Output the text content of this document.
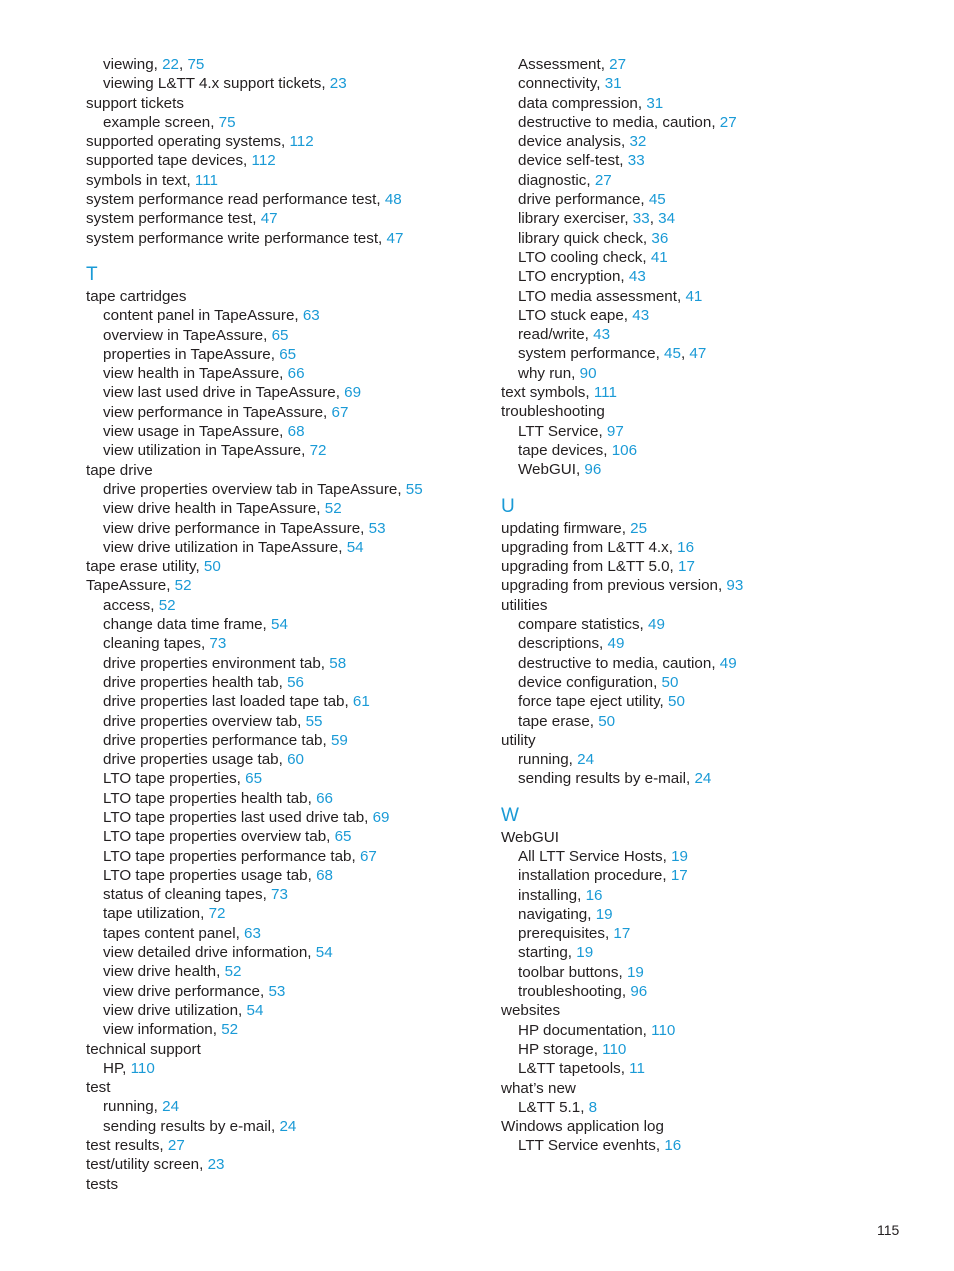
viewing, 22, 75
viewing L&TT 4.x support tickets, 23
support tickets
example screen, 75
supported operating systems, 112
supported tape devices, 112
symbols in text, 111
system performance read performance test, 48
system performance test, 47
system performance write performance test, 47
T
tape cartridges
content panel in TapeAssure, 63
overview in TapeAssure, 65
properties in TapeAssure, 65
view health in TapeAssure, 66
view last used drive in TapeAssure, 69
view performance in TapeAssure, 67
view usage in TapeAssure, 68
view utilization in TapeAssure, 72
tape drive
drive properties overview tab in TapeAssure, 55
view drive health in TapeAssure, 52
view drive performance in TapeAssure, 53
view drive utilization in TapeAssure, 54
tape erase utility, 50
TapeAssure, 52
access, 52
change data time frame, 54
cleaning tapes, 73
drive properties environment tab, 58
drive properties health tab, 56
drive properties last loaded tape tab, 61
drive properties overview tab, 55
drive properties performance tab, 59
drive properties usage tab, 60
LTO tape properties, 65
LTO tape properties health tab, 66
LTO tape properties last used drive tab, 69
LTO tape properties overview tab, 65
LTO tape properties performance tab, 67
LTO tape properties usage tab, 68
status of cleaning tapes, 73
tape utilization, 72
tapes content panel, 63
view detailed drive information, 54
view drive health, 52
view drive performance, 53
view drive utilization, 54
view information, 52
technical support
HP, 110
test
running, 24
sending results by e-mail, 24
test results, 27
test/utility screen, 23
tests
Assessment, 27
connectivity, 31
data compression, 31
destructive to media, caution, 27
device analysis, 32
device self-test, 33
diagnostic, 27
drive performance, 45
library exerciser, 33, 34
library quick check, 36
LTO cooling check, 41
LTO encryption, 43
LTO media assessment, 41
LTO stuck eape, 43
read/write, 43
system performance, 45, 47
why run, 90
text symbols, 111
troubleshooting
LTT Service, 97
tape devices, 106
WebGUI, 96
U
updating firmware, 25
upgrading from L&TT 4.x, 16
upgrading from L&TT 5.0, 17
upgrading from previous version, 93
utilities
compare statistics, 49
descriptions, 49
destructive to media, caution, 49
device configuration, 50
force tape eject utility, 50
tape erase, 50
utility
running, 24
sending results by e-mail, 24
W
WebGUI
All LTT Service Hosts, 19
installation procedure, 17
installing, 16
navigating, 19
prerequisites, 17
starting, 19
toolbar buttons, 19
troubleshooting, 96
websites
HP documentation, 110
HP storage, 110
L&TT tapetools, 11
what’s new
L&TT 5.1, 8
Windows application log
LTT Service evenhts, 16
115
